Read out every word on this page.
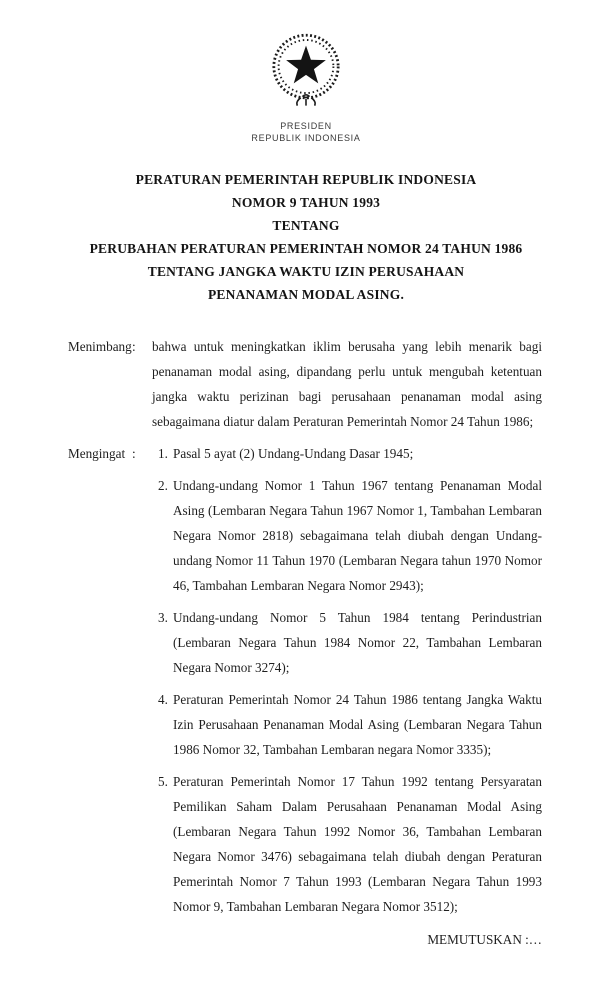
PRESIDEN
REPUBLIK INDONESIA
PERATURAN PEMERINTAH REPUBLIK INDONESIA
NOMOR 9 TAHUN 1993
TENTANG
PERUBAHAN PERATURAN PEMERINTAH NOMOR 24 TAHUN 1986
TENTANG JANGKA WAKTU IZIN PERUSAHAAN
PENANAMAN MODAL ASING.
Menimbang :	bahwa untuk meningkatkan iklim berusaha yang lebih menarik bagi penanaman modal asing, dipandang perlu untuk mengubah ketentuan jangka waktu perizinan bagi perusahaan penanaman modal asing sebagaimana diatur dalam Peraturan Pemerintah Nomor 24 Tahun 1986;

Mengingat :	1. Pasal 5 ayat (2) Undang-Undang Dasar 1945;

2. Undang-undang Nomor 1 Tahun 1967 tentang Penanaman Modal Asing (Lembaran Negara Tahun 1967 Nomor 1, Tambahan Lembaran Negara Nomor 2818) sebagaimana telah diubah dengan Undang-undang Nomor 11 Tahun 1970 (Lembaran Negara tahun 1970 Nomor 46, Tambahan Lembaran Negara Nomor 2943);

3. Undang-undang Nomor 5 Tahun 1984 tentang Perindustrian (Lembaran Negara Tahun 1984 Nomor 22, Tambahan Lembaran Negara Nomor 3274);

4. Peraturan Pemerintah Nomor 24 Tahun 1986 tentang Jangka Waktu Izin Perusahaan Penanaman Modal Asing (Lembaran Negara Tahun 1986 Nomor 32, Tambahan Lembaran negara Nomor 3335);

5. Peraturan Pemerintah Nomor 17 Tahun 1992 tentang Persyaratan Pemilikan Saham Dalam Perusahaan Penanaman Modal Asing (Lembaran Negara Tahun 1992 Nomor 36, Tambahan Lembaran Negara Nomor 3476) sebagaimana telah diubah dengan Peraturan Pemerintah Nomor 7 Tahun 1993 (Lembaran Negara Tahun 1993 Nomor 9, Tambahan Lembaran Negara Nomor 3512);

MEMUTUSKAN :…
